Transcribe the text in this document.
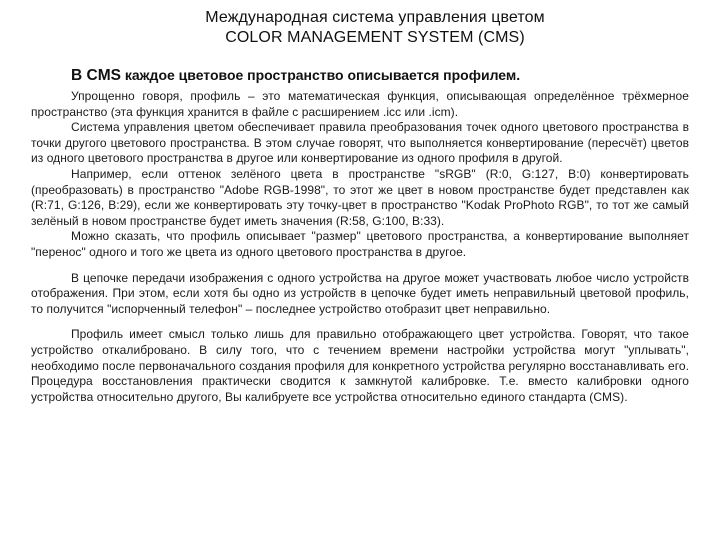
Международная система управления цветом
COLOR MANAGEMENT SYSTEM (CMS)

В CMS каждое цветовое пространство описывается профилем.

Упрощенно говоря, профиль – это математическая функция, описывающая определённое трёхмерное пространство (эта функция хранится в файле с расширением .icc или .icm).

Система управления цветом обеспечивает правила преобразования точек одного цветового пространства в точки другого цветового пространства. В этом случае говорят, что выполняется конвертирование (пересчёт) цветов из одного цветового пространства в другое или конвертирование из одного профиля в другой.

Например, если оттенок зелёного цвета в пространстве "sRGB" (R:0, G:127, B:0) конвертировать (преобразовать) в пространство "Adobe RGB-1998", то этот же цвет в новом пространстве будет представлен как (R:71, G:126, B:29), если же конвертировать эту точку-цвет в пространство "Kodak ProPhoto RGB", то тот же самый зелёный в новом пространстве будет иметь значения (R:58, G:100, B:33).

Можно сказать, что профиль описывает "размер" цветового пространства, а конвертирование выполняет "перенос" одного и того же цвета из одного цветового пространства в другое.

В цепочке передачи изображения с одного устройства на другое может участвовать любое число устройств отображения. При этом, если хотя бы одно из устройств в цепочке будет иметь неправильный цветовой профиль, то получится "испорченный телефон" – последнее устройство отобразит цвет неправильно.

Профиль имеет смысл только лишь для правильно отображающего цвет устройства. Говорят, что такое устройство откалибровано. В силу того, что с течением времени настройки устройства могут "уплывать", необходимо после первоначального создания профиля для конкретного устройства регулярно восстанавливать его. Процедура восстановления практически сводится к замкнутой калибровке. Т.е. вместо калибровки одного устройства относительно другого, Вы калибруете все устройства относительно единого стандарта (CMS).
